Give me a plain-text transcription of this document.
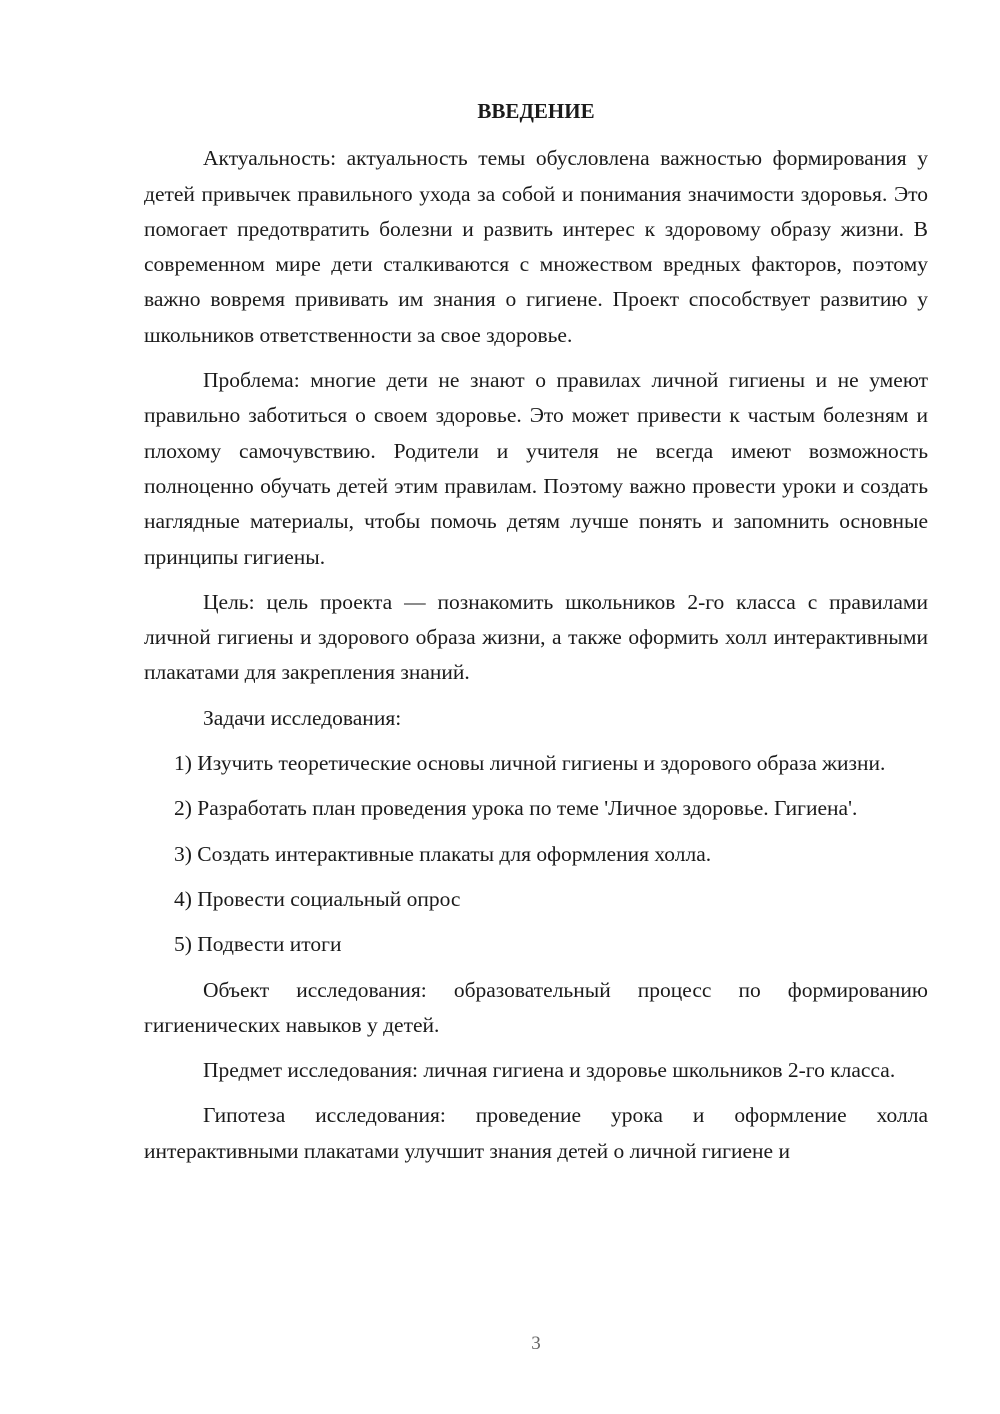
ВВЕДЕНИЕ

Актуальность: актуальность темы обусловлена важностью формирования у детей привычек правильного ухода за собой и понимания значимости здоровья. Это помогает предотвратить болезни и развить интерес к здоровому образу жизни. В современном мире дети сталкиваются с множеством вредных факторов, поэтому важно вовремя прививать им знания о гигиене. Проект способствует развитию у школьников ответственности за свое здоровье.

Проблема: многие дети не знают о правилах личной гигиены и не умеют правильно заботиться о своем здоровье. Это может привести к частым болезням и плохому самочувствию. Родители и учителя не всегда имеют возможность полноценно обучать детей этим правилам. Поэтому важно провести уроки и создать наглядные материалы, чтобы помочь детям лучше понять и запомнить основные принципы гигиены.

Цель: цель проекта — познакомить школьников 2-го класса с правилами личной гигиены и здорового образа жизни, а также оформить холл интерактивными плакатами для закрепления знаний.

Задачи исследования:

1) Изучить теоретические основы личной гигиены и здорового образа жизни.

2) Разработать план проведения урока по теме 'Личное здоровье. Гигиена'.

3) Создать интерактивные плакаты для оформления холла.

4) Провести социальный опрос

5) Подвести итоги

Объект исследования: образовательный процесс по формированию гигиенических навыков у детей.

Предмет исследования: личная гигиена и здоровье школьников 2-го класса.

Гипотеза исследования: проведение урока и оформление холла интерактивными плакатами улучшит знания детей о личной гигиене и

3
